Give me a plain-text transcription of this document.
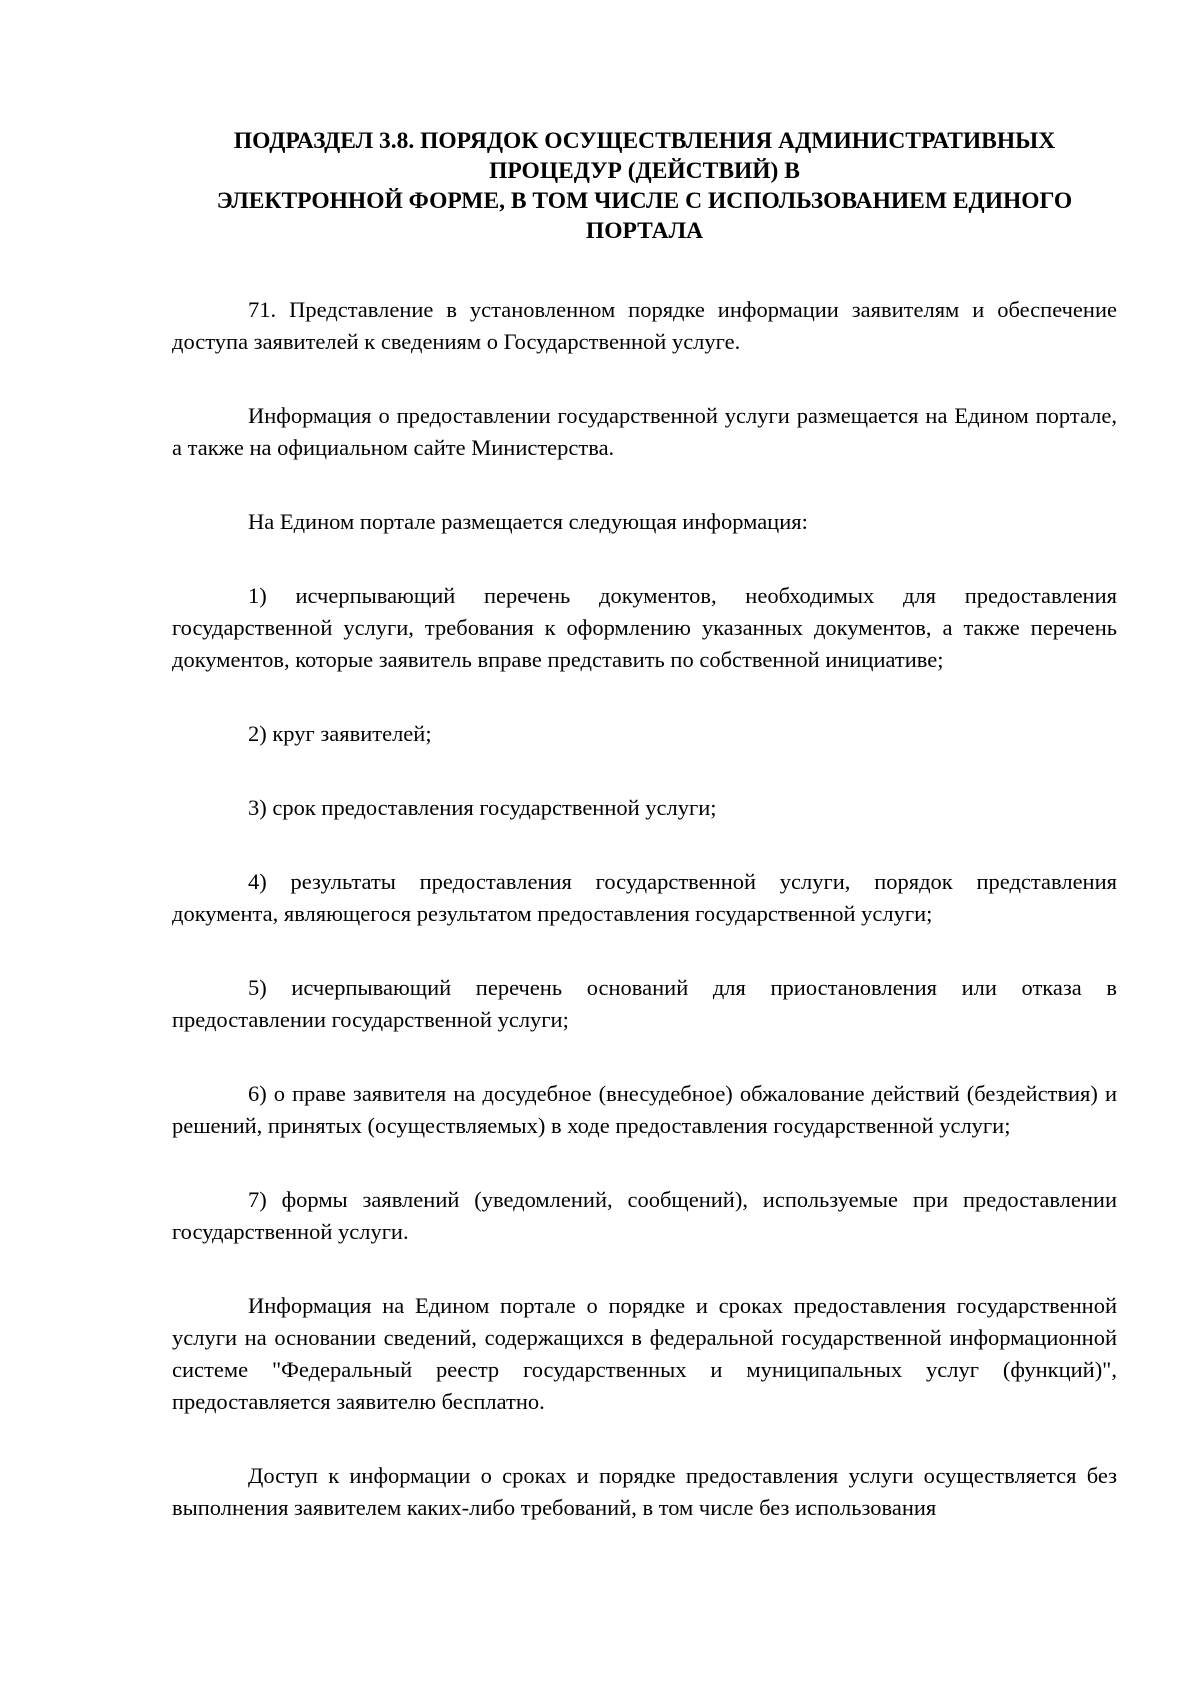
ПОДРАЗДЕЛ 3.8. ПОРЯДОК ОСУЩЕСТВЛЕНИЯ АДМИНИСТРАТИВНЫХ
ПРОЦЕДУР (ДЕЙСТВИЙ) В
ЭЛЕКТРОННОЙ ФОРМЕ, В ТОМ ЧИСЛЕ С ИСПОЛЬЗОВАНИЕМ ЕДИНОГО
ПОРТАЛА

71. Представление в установленном порядке информации заявителям и обеспечение доступа заявителей к сведениям о Государственной услуге.

Информация о предоставлении государственной услуги размещается на Едином портале, а также на официальном сайте Министерства.

На Едином портале размещается следующая информация:

1) исчерпывающий перечень документов, необходимых для предоставления государственной услуги, требования к оформлению указанных документов, а также перечень документов, которые заявитель вправе представить по собственной инициативе;

2) круг заявителей;

3) срок предоставления государственной услуги;

4) результаты предоставления государственной услуги, порядок представления документа, являющегося результатом предоставления государственной услуги;

5) исчерпывающий перечень оснований для приостановления или отказа в предоставлении государственной услуги;

6) о праве заявителя на досудебное (внесудебное) обжалование действий (бездействия) и решений, принятых (осуществляемых) в ходе предоставления государственной услуги;

7) формы заявлений (уведомлений, сообщений), используемые при предоставлении государственной услуги.

Информация на Едином портале о порядке и сроках предоставления государственной услуги на основании сведений, содержащихся в федеральной государственной информационной системе "Федеральный реестр государственных и муниципальных услуг (функций)", предоставляется заявителю бесплатно.

Доступ к информации о сроках и порядке предоставления услуги осуществляется без выполнения заявителем каких-либо требований, в том числе без использования
